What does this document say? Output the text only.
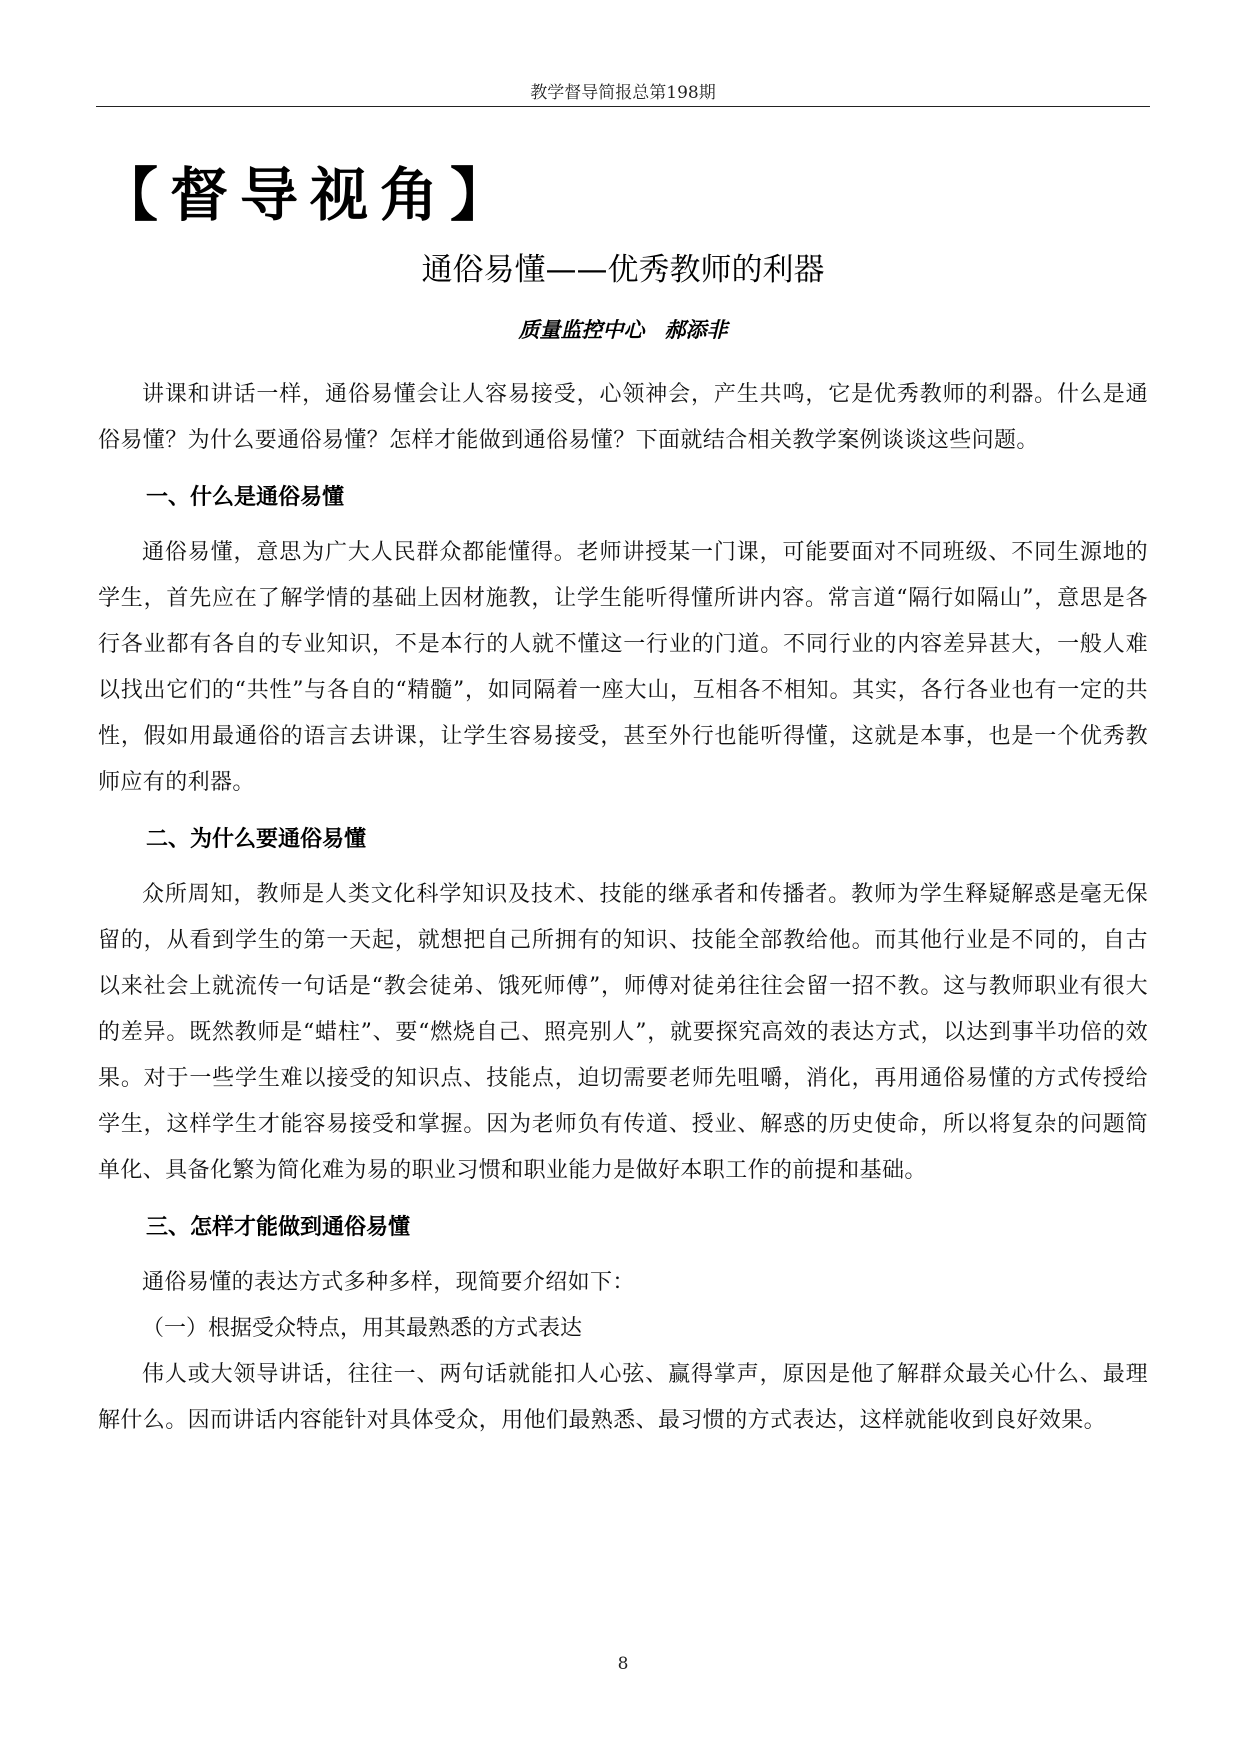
教学督导简报总第198期
【督导视角】
通俗易懂——优秀教师的利器
质量监控中心 郝添非

讲课和讲话一样，通俗易懂会让人容易接受，心领神会，产生共鸣，它是优秀教师的利器。什么是通俗易懂？为什么要通俗易懂？怎样才能做到通俗易懂？下面就结合相关教学案例谈谈这些问题。

一、什么是通俗易懂

通俗易懂，意思为广大人民群众都能懂得。老师讲授某一门课，可能要面对不同班级、不同生源地的学生，首先应在了解学情的基础上因材施教，让学生能听得懂所讲内容。常言道“隔行如隔山”，意思是各行各业都有各自的专业知识，不是本行的人就不懂这一行业的门道。不同行业的内容差异甚大，一般人难以找出它们的“共性”与各自的“精髓”，如同隔着一座大山，互相各不相知。其实，各行各业也有一定的共性，假如用最通俗的语言去讲课，让学生容易接受，甚至外行也能听得懂，这就是本事，也是一个优秀教师应有的利器。

二、为什么要通俗易懂

众所周知，教师是人类文化科学知识及技术、技能的继承者和传播者。教师为学生释疑解惑是毫无保留的，从看到学生的第一天起，就想把自己所拥有的知识、技能全部教给他。而其他行业是不同的，自古以来社会上就流传一句话是“教会徒弟、饿死师傅”，师傅对徒弟往往会留一招不教。这与教师职业有很大的差异。既然教师是“蜡柱”、要“燃烧自己、照亮别人”，就要探究高效的表达方式，以达到事半功倍的效果。对于一些学生难以接受的知识点、技能点，迫切需要老师先咀嚼，消化，再用通俗易懂的方式传授给学生，这样学生才能容易接受和掌握。因为老师负有传道、授业、解惑的历史使命，所以将复杂的问题简单化、具备化繁为简化难为易的职业习惯和职业能力是做好本职工作的前提和基础。

三、怎样才能做到通俗易懂

通俗易懂的表达方式多种多样，现简要介绍如下：

（一）根据受众特点，用其最熟悉的方式表达

伟人或大领导讲话，往往一、两句话就能扣人心弦、赢得掌声，原因是他了解群众最关心什么、最理解什么。因而讲话内容能针对具体受众，用他们最熟悉、最习惯的方式表达，这样就能收到良好效果。

8
